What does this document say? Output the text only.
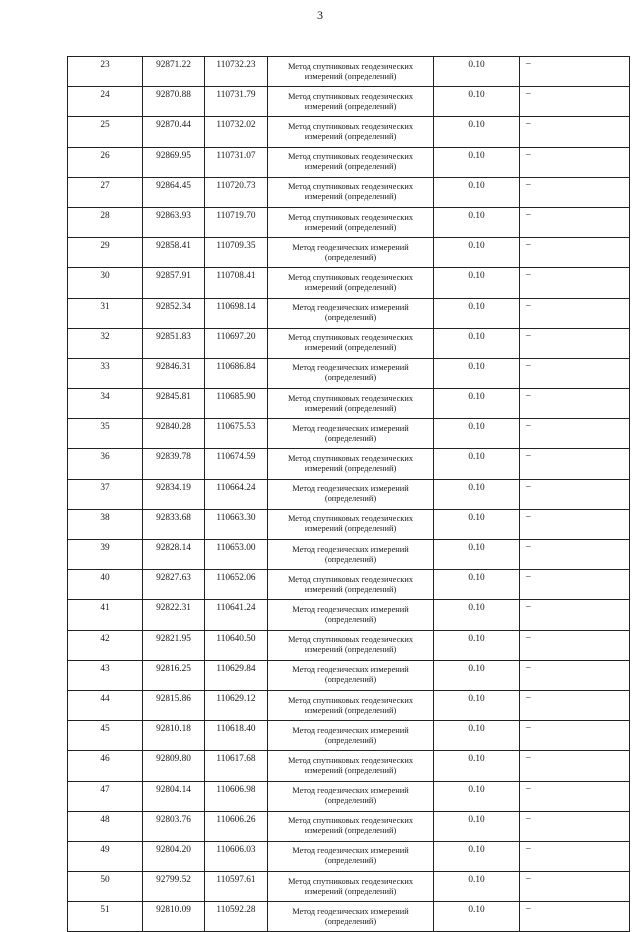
3
23	92871.22	110732.23	Метод спутниковых геодезических измерений (определений)	0.10	–
24	92870.88	110731.79	Метод спутниковых геодезических измерений (определений)	0.10	–
25	92870.44	110732.02	Метод спутниковых геодезических измерений (определений)	0.10	–
26	92869.95	110731.07	Метод спутниковых геодезических измерений (определений)	0.10	–
27	92864.45	110720.73	Метод спутниковых геодезических измерений (определений)	0.10	–
28	92863.93	110719.70	Метод спутниковых геодезических измерений (определений)	0.10	–
29	92858.41	110709.35	Метод геодезических измерений (определений)	0.10	–
30	92857.91	110708.41	Метод спутниковых геодезических измерений (определений)	0.10	–
31	92852.34	110698.14	Метод геодезических измерений (определений)	0.10	–
32	92851.83	110697.20	Метод спутниковых геодезических измерений (определений)	0.10	–
33	92846.31	110686.84	Метод геодезических измерений (определений)	0.10	–
34	92845.81	110685.90	Метод спутниковых геодезических измерений (определений)	0.10	–
35	92840.28	110675.53	Метод геодезических измерений (определений)	0.10	–
36	92839.78	110674.59	Метод спутниковых геодезических измерений (определений)	0.10	–
37	92834.19	110664.24	Метод геодезических измерений (определений)	0.10	–
38	92833.68	110663.30	Метод спутниковых геодезических измерений (определений)	0.10	–
39	92828.14	110653.00	Метод геодезических измерений (определений)	0.10	–
40	92827.63	110652.06	Метод спутниковых геодезических измерений (определений)	0.10	–
41	92822.31	110641.24	Метод геодезических измерений (определений)	0.10	–
42	92821.95	110640.50	Метод спутниковых геодезических измерений (определений)	0.10	–
43	92816.25	110629.84	Метод геодезических измерений (определений)	0.10	–
44	92815.86	110629.12	Метод спутниковых геодезических измерений (определений)	0.10	–
45	92810.18	110618.40	Метод геодезических измерений (определений)	0.10	–
46	92809.80	110617.68	Метод спутниковых геодезических измерений (определений)	0.10	–
47	92804.14	110606.98	Метод геодезических измерений (определений)	0.10	–
48	92803.76	110606.26	Метод спутниковых геодезических измерений (определений)	0.10	–
49	92804.20	110606.03	Метод геодезических измерений (определений)	0.10	–
50	92799.52	110597.61	Метод спутниковых геодезических измерений (определений)	0.10	–
51	92810.09	110592.28	Метод геодезических измерений (определений)	0.10	–
